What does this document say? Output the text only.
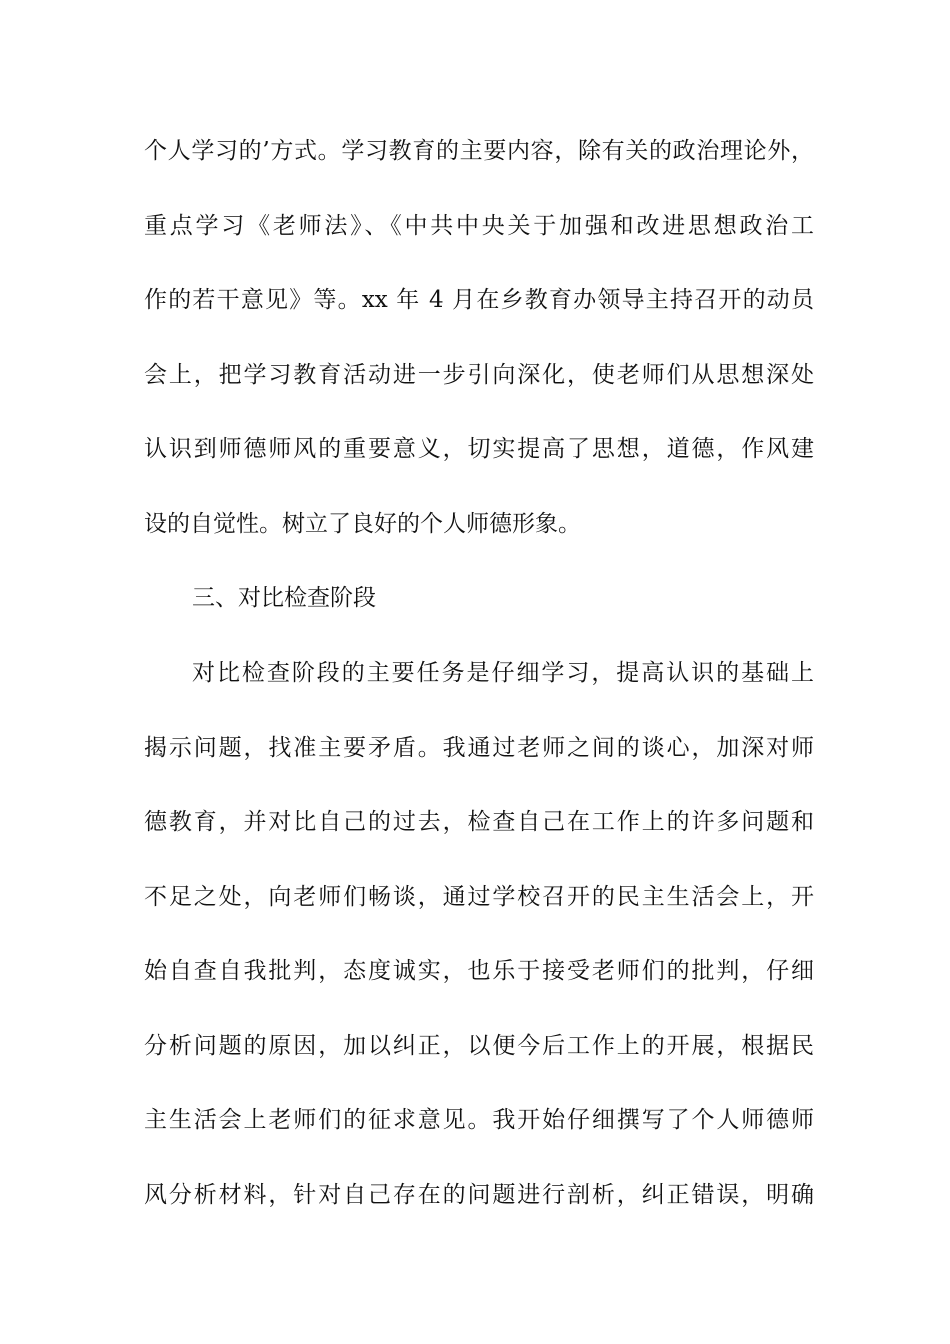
个人学习的’方式。学习教育的主要内容，除有关的政治理论外，
重点学习《老师法》、《中共中央关于加强和改进思想政治工
作的若干意见》等。xx 年 4 月在乡教育办领导主持召开的动员
会上，把学习教育活动进一步引向深化，使老师们从思想深处
认识到师德师风的重要意义，切实提高了思想，道德，作风建
设的自觉性。树立了良好的个人师德形象。
三、对比检查阶段
对比检查阶段的主要任务是仔细学习，提高认识的基础上
揭示问题，找准主要矛盾。我通过老师之间的谈心，加深对师
德教育，并对比自己的过去，检查自己在工作上的许多问题和
不足之处，向老师们畅谈，通过学校召开的民主生活会上，开
始自查自我批判，态度诚实，也乐于接受老师们的批判，仔细
分析问题的原因，加以纠正，以便今后工作上的开展，根据民
主生活会上老师们的征求意见。我开始仔细撰写了个人师德师
风分析材料，针对自己存在的问题进行剖析，纠正错误，明确
